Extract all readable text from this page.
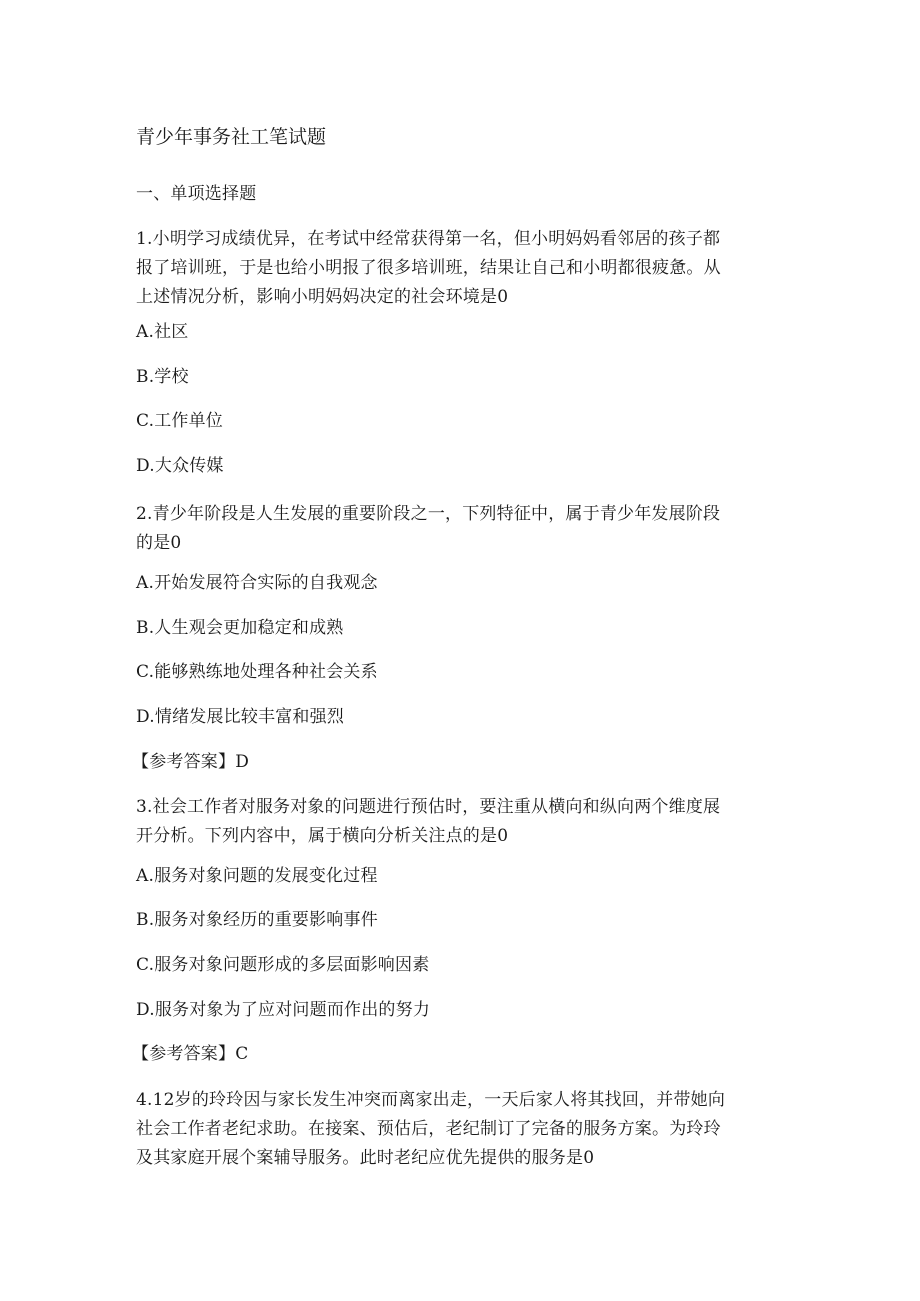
青少年事务社工笔试题
一、单项选择题
1.小明学习成绩优异，在考试中经常获得第一名，但小明妈妈看邻居的孩子都
报了培训班，于是也给小明报了很多培训班，结果让自己和小明都很疲惫。从
上述情况分析，影响小明妈妈决定的社会环境是0
A.社区
B.学校
C.工作单位
D.大众传媒
2.青少年阶段是人生发展的重要阶段之一，下列特征中，属于青少年发展阶段
的是0
A.开始发展符合实际的自我观念
B.人生观会更加稳定和成熟
C.能够熟练地处理各种社会关系
D.情绪发展比较丰富和强烈
【参考答案】D
3.社会工作者对服务对象的问题进行预估时，要注重从横向和纵向两个维度展
开分析。下列内容中，属于横向分析关注点的是0
A.服务对象问题的发展变化过程
B.服务对象经历的重要影响事件
C.服务对象问题形成的多层面影响因素
D.服务对象为了应对问题而作出的努力
【参考答案】C
4.12岁的玲玲因与家长发生冲突而离家出走，一天后家人将其找回，并带她向
社会工作者老纪求助。在接案、预估后，老纪制订了完备的服务方案。为玲玲
及其家庭开展个案辅导服务。此时老纪应优先提供的服务是0
